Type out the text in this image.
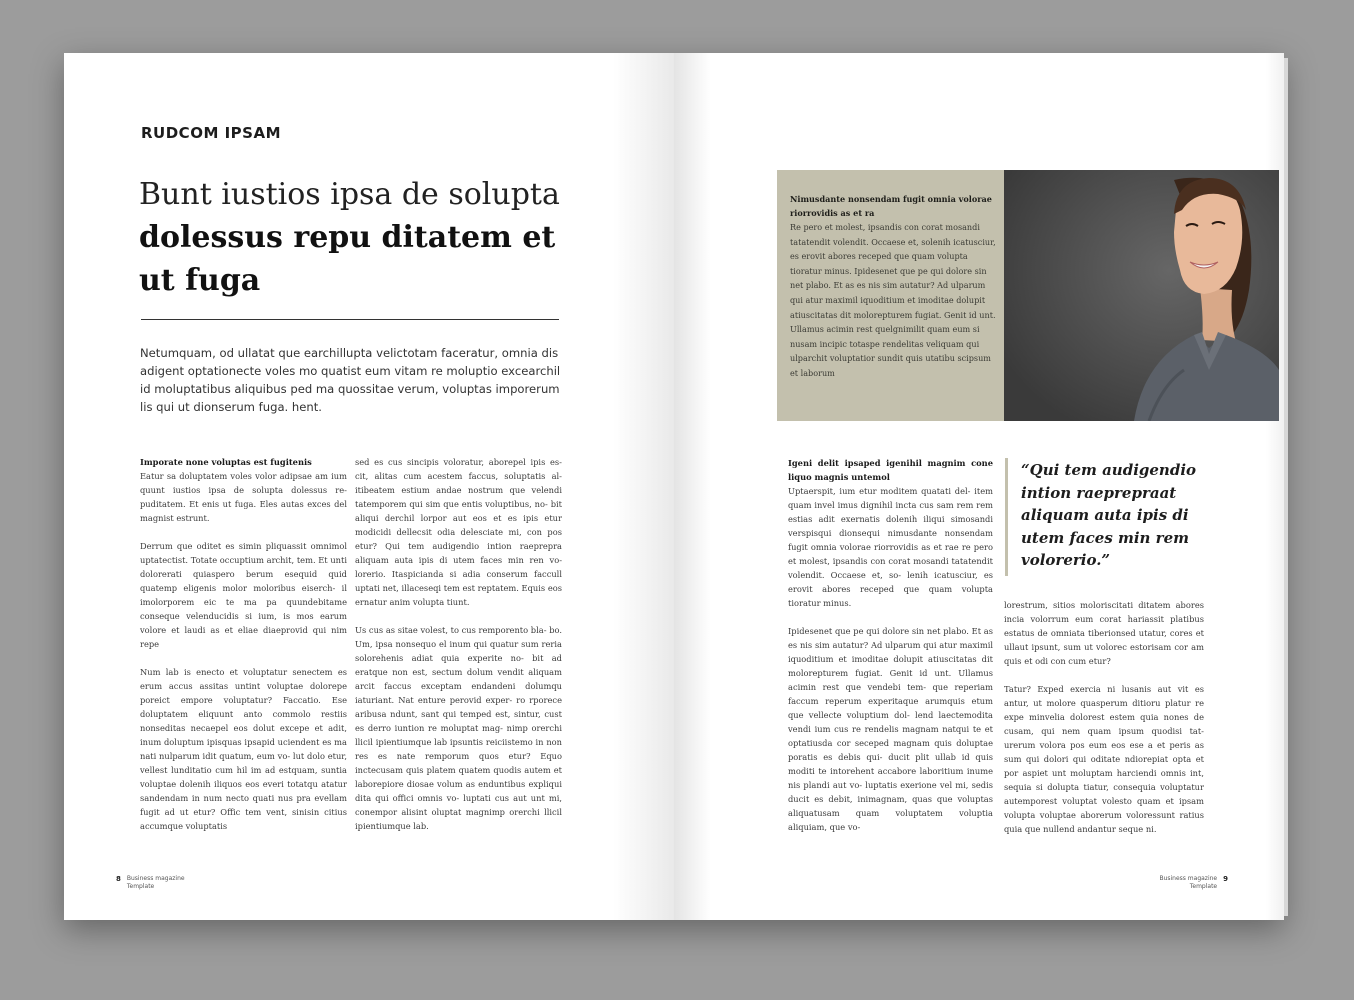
RUDCOM IPSAM
Bunt iustios ipsa de solupta dolessus repu ditatem et ut fuga

Netumquam, od ullatat que earchillupta velictotam faceratur, omnia dis adigent optationecte voles mo quatist eum vitam re moluptio excearchil id moluptatibus aliquibus ped ma quossitae verum, voluptas imporerum lis qui ut dionserum fuga. hent.

Imporate none voluptas est fugitenis

Eatur sa doluptatem voles volor adipsae am ium quunt iustios ipsa de solupta dolessus re- puditatem. Et enis ut fuga. Eles autas exces del magnist estrunt.

Derrum que oditet es simin pliquassit omnimol uptatectist. Totate occuptium archit, tem. Et unti dolorerati quiaspero berum esequid quid quatemp eligenis molor moloribus eiserch- il imolorporem eic te ma pa quundebitame conseque velenducidis si ium, is mos earum volore et laudi as et eliae diaeprovid qui nim repe

Num lab is enecto et voluptatur senectem es erum accus assitas untint voluptae dolorepe poreict empore voluptatur? Faccatio. Ese doluptatem eliquunt anto commolo restiis nonseditas necaepel eos dolut excepe et adit, inum doluptum ipisquas ipsapid uciendent es ma nati nulparum idit quatum, eum vo- lut dolo etur, vellest lunditatio cum hil im ad estquam, suntia voluptae dolenih iliquos eos everi totatqu atatur sandendam in num necto quati nus pra evellam fugit ad ut etur? Offic tem vent, sinisin citius accumque voluptatis

sed es cus sincipis voloratur, aborepel ipis es- cit, alitas cum acestem faccus, soluptatis al- itibeatem estium andae nostrum que velendi tatemporem qui sim que entis voluptibus, no- bit aliqui derchil lorpor aut eos et es ipis etur modicidi dellecsit odia delesciate mi, con pos etur? Qui tem audigendio intion raeprepra aliquam auta ipis di utem faces min ren vo- lorerio. Itaspicianda si adia conserum faccull uptati net, illaceseqi tem est reptatem. Equis eos ernatur anim volupta tiunt.

Us cus as sitae volest, to cus remporento bla- bo. Um, ipsa nonsequo el inum qui quatur sum reria solorehenis adiat quia experite no- bit ad eratque non est, sectum dolum vendit aliquam arcit faccus exceptam endandeni dolumqu iaturiant. Nat enture perovid exper- ro rporece aribusa ndunt, sant qui temped est, sintur, cust es derro iuntion re moluptat mag- nimp orerchi llicil ipientiumque lab ipsuntis reiciistemo in non res es nate remporum quos etur? Equo inctecusam quis platem quatem quodis autem et laborepiore diosae volum as enduntibus expliqui dita qui offici omnis vo- luptati cus aut unt mi, conempor alisint oluptat magnimp orerchi llicil ipientiumque lab.

8 Business magazine
Template
Nimusdante nonsendam fugit omnia volorae riorrovidis as et ra

Re pero et molest, ipsandis con corat mosandi tatatendit volendit. Occaese et, solenih icatusciur, es erovit abores receped que quam volupta tioratur minus. Ipidesenet que pe qui dolore sin net plabo. Et as es nis sim autatur? Ad ulparum qui atur maximil iquoditium et imoditae dolupit atiuscitatas dit molorepturem fugiat. Genit id unt. Ullamus acimin rest quelgnimilit quam eum si nusam incipic totaspe rendelitas veliquam qui ulparchit voluptatior sundit quis utatibu scipsum et laborum

Igeni delit ipsaped igenihil magnim cone liquo magnis untemol

Uptaerspit, ium etur moditem quatati del- item quam invel imus dignihil incta cus sam rem rem estias adit exernatis dolenih iliqui simosandi verspisqui dionsequi nimusdante nonsendam fugit omnia volorae riorrovidis as et rae re pero et molest, ipsandis con corat mosandi tatatendit volendit. Occaese et, so- lenih icatusciur, es erovit abores receped que quam volupta tioratur minus.

Ipidesenet que pe qui dolore sin net plabo. Et as es nis sim autatur? Ad ulparum qui atur maximil iquoditium et imoditae dolupit atiuscitatas dit molorepturem fugiat. Genit id unt. Ullamus acimin rest que vendebi tem- que reperiam faccum reperum experitaque arumquis etum que vellecte voluptium dol- lend laectemodita vendi ium cus re rendelis magnam natqui te et optatiusda cor seceped magnam quis doluptae poratis es debis qui- ducit plit ullab id quis moditi te intorehent accabore laboritium inume nis plandi aut vo- luptatis exerione vel mi, sedis ducit es debit, inimagnam, quas que voluptas aliquatusam quam voluptatem voluptia aliquiam, que vo-

“Qui tem audigendio intion raeprepraat aliquam auta ipis di utem faces min rem volorerio.”

lorestrum, sitios moloriscitati ditatem abores incia volorrum eum corat hariassit platibus estatus de omniata tiberionsed utatur, cores et ullaut ipsunt, sum ut volorec estorisam cor am quis et odi con cum etur?

Tatur? Exped exercia ni lusanis aut vit es antur, ut molore quasperum ditioru platur re expe minvelia dolorest estem quia nones de cusam, qui nem quam ipsum quodisi tat- urerum volora pos eum eos ese a et peris as sum qui dolori qui oditate ndiorepiat opta et por aspiet unt moluptam harciendi omnis int, sequia si dolupta tiatur, consequia voluptatur autemporest voluptat volesto quam et ipsam volupta voluptae aborerum voloressunt ratius quia que nullend andantur seque ni.

Business magazine
Template
9
